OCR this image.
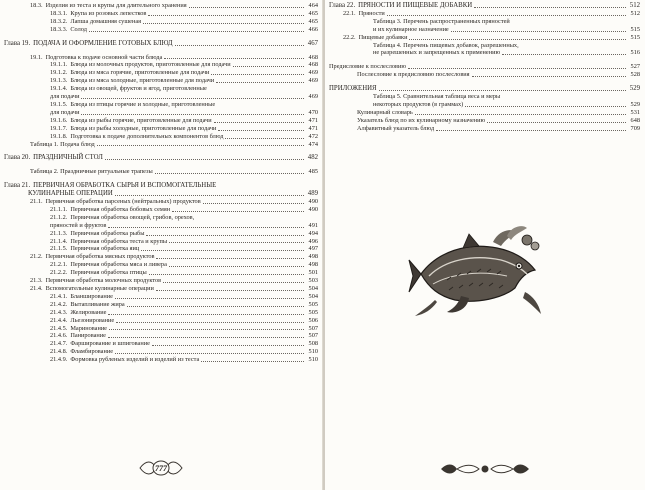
18.3. Изделия из теста и крупы для длительного хранения	464
18.3.1. Крупа из розовых лепестков	465
18.3.2. Лапша домашняя сушеная	465
18.3.3. Солод	466
Глава 19. ПОДАЧА И ОФОРМЛЕНИЕ ГОТОВЫХ БЛЮД	467
19.1. Подготовка к подаче основной части блюда	468
19.1.1. Блюда из молочных продуктов, приготовленные для подачи	468
19.1.2. Блюда из мяса горячие, приготовленные для подачи	469
19.1.3. Блюда из мяса холодные, приготовленные для подачи	469
19.1.4. Блюда из овощей, фруктов и ягод, приготовленные
для подачи	469
19.1.5. Блюда из птицы горячие и холодные, приготовленные
для подачи	470
19.1.6. Блюда из рыбы горячие, приготовленные для подачи	471
19.1.7. Блюда из рыбы холодные, приготовленные для подачи	471
19.1.8. Подготовка к подаче дополнительных компонентов блюд	472
Таблица 1. Подача блюд	474
Глава 20. ПРАЗДНИЧНЫЙ СТОЛ	482
Таблица 2. Праздничные ритуальные трапезы	485
Глава 21. ПЕРВИЧНАЯ ОБРАБОТКА СЫРЬЯ И ВСПОМОГАТЕЛЬНЫЕ
КУЛИНАРНЫЕ ОПЕРАЦИИ	489
21.1. Первичная обработка парсеных (нейтральных) продуктов	490
21.1.1. Первичная обработка бобовых семян	490
21.1.2. Первичная обработка овощей, грибов, орехов,
пряностей и фруктов	491
21.1.3. Первичная обработка рыбы	494
21.1.4. Первичная обработка теста и крупы	496
21.1.5. Первичная обработка яиц	497
21.2. Первичная обработка мясных продуктов	498
21.2.1. Первичная обработка мяса и ливера	498
21.2.2. Первичная обработка птицы	501
21.3. Первичная обработка молочных продуктов	503
21.4. Вспомогательные кулинарные операции	504
21.4.1. Бланширование	504
21.4.2. Вытапливание жира	505
21.4.3. Желирование	505
21.4.4. Льезонирование	506
21.4.5. Маринование	507
21.4.6. Панирование	507
21.4.7. Фаршированиe и шпигование	508
21.4.8. Фламбирование	510
21.4.9. Формовка рубленых изделий и изделий из теста	510
777
Глава 22. ПРЯНОСТИ И ПИЩЕВЫЕ ДОБАВКИ	512
22.1. Пряности	512
Таблица 3. Перечень распространенных пряностей
и их кулинарное назначение	515
22.2. Пищевые добавки	515
Таблица 4. Перечень пищевых добавок, разрешенных,
не разрешенных и запрещенных к применению	516
Предисловие к послесловию	527
Послесловие к предисловию послесловия	528
ПРИЛОЖЕНИЯ	529
Таблица 5. Сравнительная таблица веса и меры
некоторых продуктов (в граммах)	529
Кулинарный словарь	531
Указатель блюд по их кулинарному назначению	648
Алфавитный указатель блюд	709
